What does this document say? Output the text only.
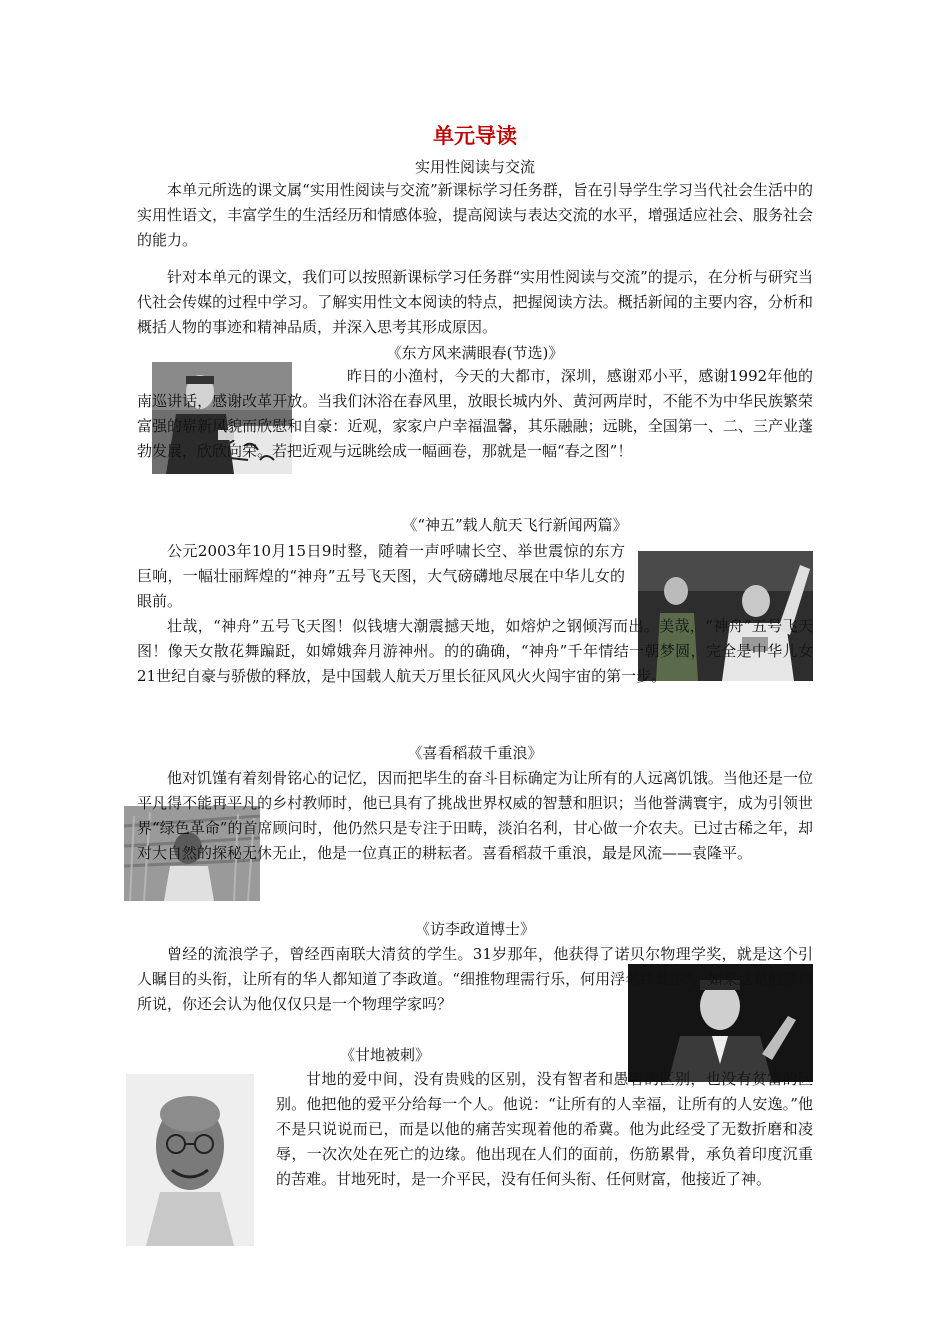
单元导读
实用性阅读与交流

本单元所选的课文属“实用性阅读与交流”新课标学习任务群，旨在引导学生学习当代社会生活中的实用性语文，丰富学生的生活经历和情感体验，提高阅读与表达交流的水平，增强适应社会、服务社会的能力。

针对本单元的课文，我们可以按照新课标学习任务群“实用性阅读与交流”的提示，在分析与研究当代社会传媒的过程中学习。了解实用性文本阅读的特点，把握阅读方法。概括新闻的主要内容，分析和概括人物的事迹和精神品质，并深入思考其形成原因。

《东方风来满眼春(节选)》

昨日的小渔村，今天的大都市，深圳，感谢邓小平，感谢1992年他的南巡讲话，感谢改革开放。当我们沐浴在春风里，放眼长城内外、黄河两岸时，不能不为中华民族繁荣富强的崭新风貌而欣慰和自豪：近观，家家户户幸福温馨，其乐融融；远眺，全国第一、二、三产业蓬勃发展，欣欣向荣。若把近观与远眺绘成一幅画卷，那就是一幅“春之图”！

《“神五”载人航天飞行新闻两篇》

公元2003年10月15日9时整，随着一声呼啸长空、举世震惊的东方巨响，一幅壮丽辉煌的“神舟”五号飞天图，大气磅礴地尽展在中华儿女的眼前。

壮哉，“神舟”五号飞天图！似钱塘大潮震撼天地，如熔炉之钢倾泻而出。美哉，“神舟”五号飞天图！像天女散花舞蹁跹，如嫦娥奔月游神州。的的确确，“神舟”千年情结一朝梦圆，完全是中华儿女21世纪自豪与骄傲的释放，是中国载人航天万里长征风风火火闯宇宙的第一步。

《喜看稻菽千重浪》

他对饥馑有着刻骨铭心的记忆，因而把毕生的奋斗目标确定为让所有的人远离饥饿。当他还是一位平凡得不能再平凡的乡村教师时，他已具有了挑战世界权威的智慧和胆识；当他誉满寰宇，成为引领世界“绿色革命”的首席顾问时，他仍然只是专注于田畴，淡泊名利，甘心做一介农夫。已过古稀之年，却对大自然的探秘无休无止，他是一位真正的耕耘者。喜看稻菽千重浪，最是风流——袁隆平。

《访李政道博士》

曾经的流浪学子，曾经西南联大清贫的学生。31岁那年，他获得了诺贝尔物理学奖，就是这个引人瞩目的头衔，让所有的华人都知道了李政道。“细推物理需行乐，何用浮名绊此生”，如果这是他亲口所说，你还会认为他仅仅只是一个物理学家吗？

《甘地被刺》

甘地的爱中间，没有贵贱的区别，没有智者和愚者的区别，也没有贫富的区别。他把他的爱平分给每一个人。他说：“让所有的人幸福，让所有的人安逸。”他不是只说说而已，而是以他的痛苦实现着他的希冀。他为此经受了无数折磨和凌辱，一次次处在死亡的边缘。他出现在人们的面前，伤筋累骨，承负着印度沉重的苦难。甘地死时，是一介平民，没有任何头衔、任何财富，他接近了神。
